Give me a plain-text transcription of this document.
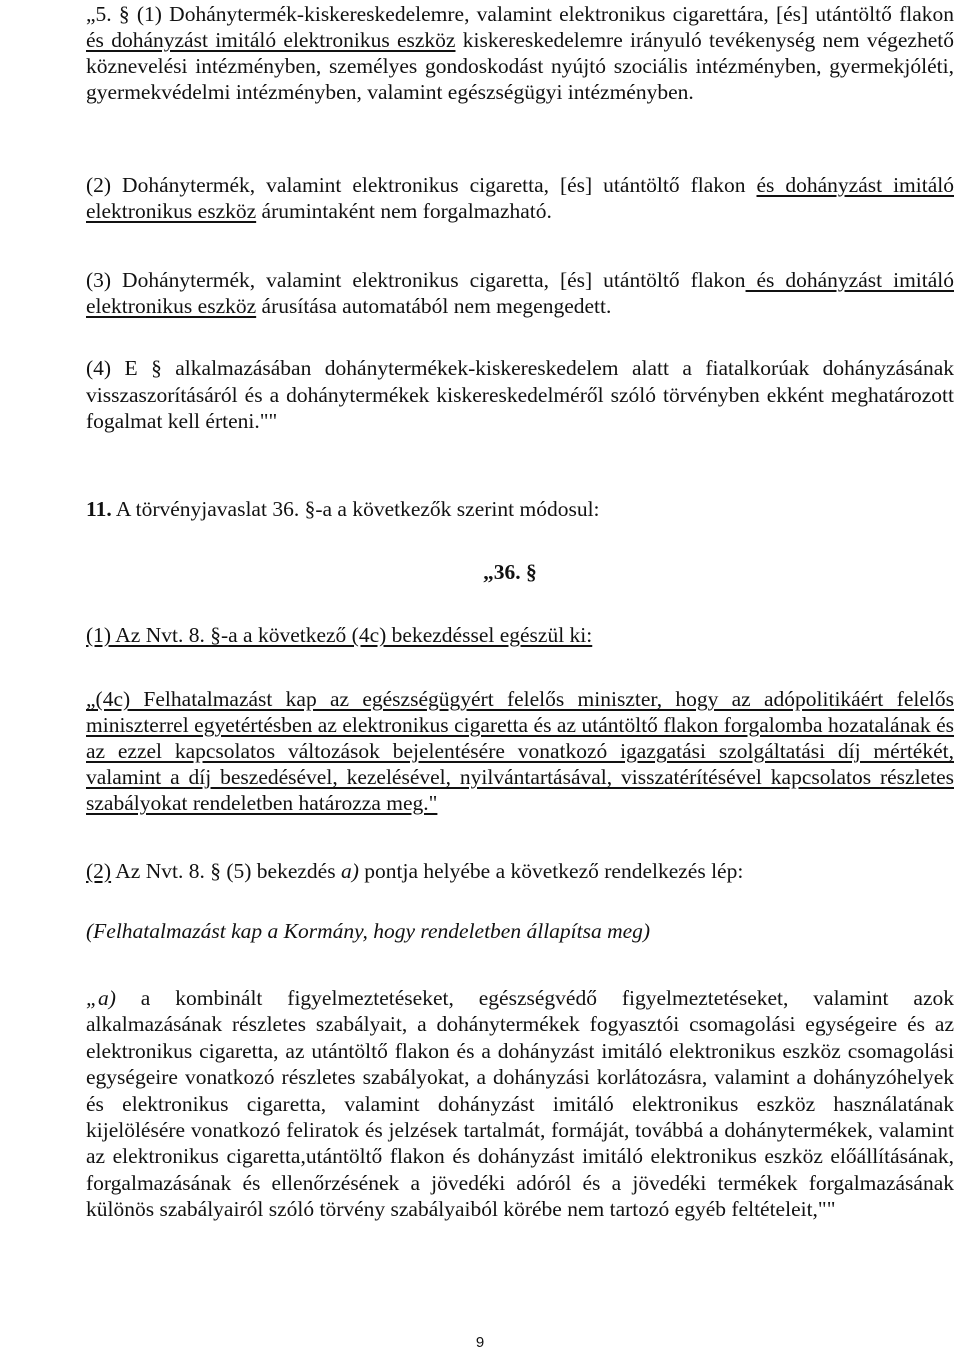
„5. § (1) Dohánytermék-kiskereskedelemre, valamint elektronikus cigarettára, [és] utántöltő flakon és dohányzást imitáló elektronikus eszköz kiskereskedelemre irányuló tevékenység nem végezhető köznevelési intézményben, személyes gondoskodást nyújtó szociális intézményben, gyermekjóléti, gyermekvédelmi intézményben, valamint egészségügyi intézményben.

(2) Dohánytermék, valamint elektronikus cigaretta, [és] utántöltő flakon és dohányzást imitáló elektronikus eszköz árumintaként nem forgalmazható.

(3) Dohánytermék, valamint elektronikus cigaretta, [és] utántöltő flakon és dohányzást imitáló elektronikus eszköz árusítása automatából nem megengedett.

(4) E § alkalmazásában dohánytermékek-kiskereskedelem alatt a fiatalkorúak dohányzásának visszaszorításáról és a dohánytermékek kiskereskedelméről szóló törvényben ekként meghatározott fogalmat kell érteni.""

11. A törvényjavaslat 36. §-a a következők szerint módosul:

„36. §

(1) Az Nvt. 8. §-a a következő (4c) bekezdéssel egészül ki:

„(4c) Felhatalmazást kap az egészségügyért felelős miniszter, hogy az adópolitikáért felelős miniszterrel egyetértésben az elektronikus cigaretta és az utántöltő flakon forgalomba hozatalának és az ezzel kapcsolatos változások bejelentésére vonatkozó igazgatási szolgáltatási díj mértékét, valamint a díj beszedésével, kezelésével, nyilvántartásával, visszatérítésével kapcsolatos részletes szabályokat rendeletben határozza meg."

(2) Az Nvt. 8. § (5) bekezdés a) pontja helyébe a következő rendelkezés lép:

(Felhatalmazást kap a Kormány, hogy rendeletben állapítsa meg)

„a) a kombinált figyelmeztetéseket, egészségvédő figyelmeztetéseket, valamint azok alkalmazásának részletes szabályait, a dohánytermékek fogyasztói csomagolási egységeire és az elektronikus cigaretta, az utántöltő flakon és a dohányzást imitáló elektronikus eszköz csomagolási egységeire vonatkozó részletes szabályokat, a dohányzási korlátozásra, valamint a dohányzóhelyek és elektronikus cigaretta, valamint dohányzást imitáló elektronikus eszköz használatának kijelölésére vonatkozó feliratok és jelzések tartalmát, formáját, továbbá a dohánytermékek, valamint az elektronikus cigaretta,utántöltő flakon és dohányzást imitáló elektronikus eszköz előállításának, forgalmazásának és ellenőrzésének a jövedéki adóról és a jövedéki termékek forgalmazásának különös szabályairól szóló törvény szabályaiból körébe nem tartozó egyéb feltételeit,""

9
